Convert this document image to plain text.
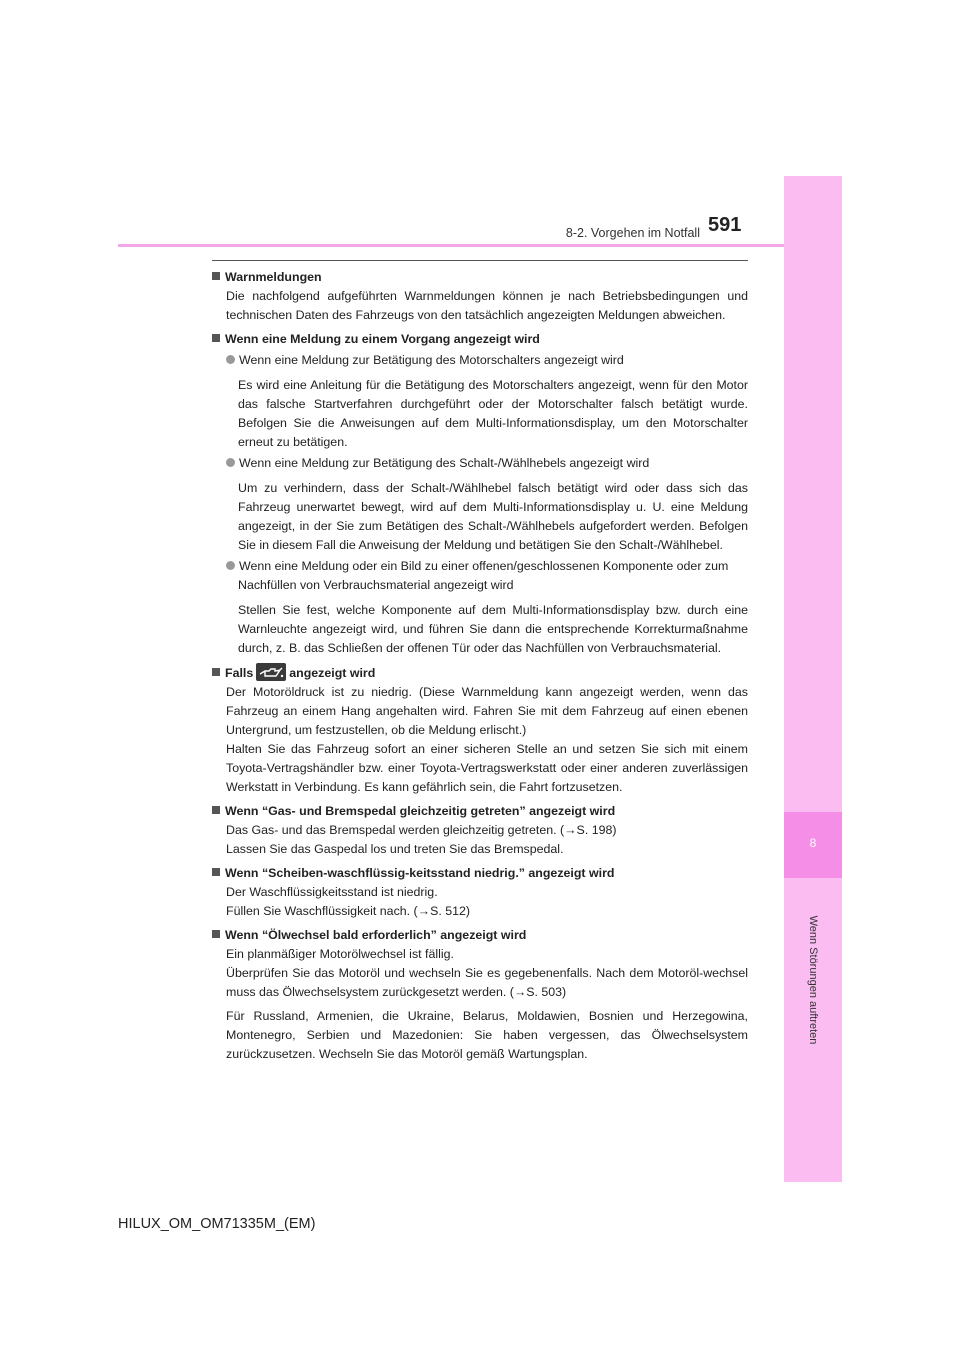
8
Wenn Störungen auftreten
8-2. Vorgehen im Notfall 591

Warnmeldungen

Die nachfolgend aufgeführten Warnmeldungen können je nach Betriebsbedingungen und technischen Daten des Fahrzeugs von den tatsächlich angezeigten Meldungen abweichen.

Wenn eine Meldung zu einem Vorgang angezeigt wird

Wenn eine Meldung zur Betätigung des Motorschalters angezeigt wird

Es wird eine Anleitung für die Betätigung des Motorschalters angezeigt, wenn für den Motor das falsche Startverfahren durchgeführt oder der Motorschalter falsch betätigt wurde. Befolgen Sie die Anweisungen auf dem Multi-Informationsdisplay, um den Motorschalter erneut zu betätigen.

Wenn eine Meldung zur Betätigung des Schalt-/Wählhebels angezeigt wird

Um zu verhindern, dass der Schalt-/Wählhebel falsch betätigt wird oder dass sich das Fahrzeug unerwartet bewegt, wird auf dem Multi-Informationsdisplay u. U. eine Meldung angezeigt, in der Sie zum Betätigen des Schalt-/Wählhebels aufgefordert werden. Befolgen Sie in diesem Fall die Anweisung der Meldung und betätigen Sie den Schalt-/Wählhebel.

Wenn eine Meldung oder ein Bild zu einer offenen/geschlossenen Komponente oder zum Nachfüllen von Verbrauchsmaterial angezeigt wird

Stellen Sie fest, welche Komponente auf dem Multi-Informationsdisplay bzw. durch eine Warnleuchte angezeigt wird, und führen Sie dann die entsprechende Korrekturmaßnahme durch, z. B. das Schließen der offenen Tür oder das Nachfüllen von Verbrauchsmaterial.

Falls	angezeigt wird

Der Motoröldruck ist zu niedrig. (Diese Warnmeldung kann angezeigt werden, wenn das Fahrzeug an einem Hang angehalten wird. Fahren Sie mit dem Fahrzeug auf einen ebenen Untergrund, um festzustellen, ob die Meldung erlischt.)

Halten Sie das Fahrzeug sofort an einer sicheren Stelle an und setzen Sie sich mit einem Toyota-Vertragshändler bzw. einer Toyota-Vertragswerkstatt oder einer anderen zuverlässigen Werkstatt in Verbindung. Es kann gefährlich sein, die Fahrt fortzusetzen.

Wenn “Gas- und Bremspedal gleichzeitig getreten” angezeigt wird

Das Gas- und das Bremspedal werden gleichzeitig getreten. (→S. 198)

Lassen Sie das Gaspedal los und treten Sie das Bremspedal.

Wenn “Scheiben-waschflüssig-keitsstand niedrig.” angezeigt wird

Der Waschflüssigkeitsstand ist niedrig.

Füllen Sie Waschflüssigkeit nach. (→S. 512)

Wenn “Ölwechsel bald erforderlich” angezeigt wird

Ein planmäßiger Motorölwechsel ist fällig.

Überprüfen Sie das Motoröl und wechseln Sie es gegebenenfalls. Nach dem Motoröl-wechsel muss das Ölwechselsystem zurückgesetzt werden. (→S. 503)

Für Russland, Armenien, die Ukraine, Belarus, Moldawien, Bosnien und Herzegowina, Montenegro, Serbien und Mazedonien: Sie haben vergessen, das Ölwechselsystem zurückzusetzen. Wechseln Sie das Motoröl gemäß Wartungsplan.

HILUX_OM_OM71335M_(EM)
